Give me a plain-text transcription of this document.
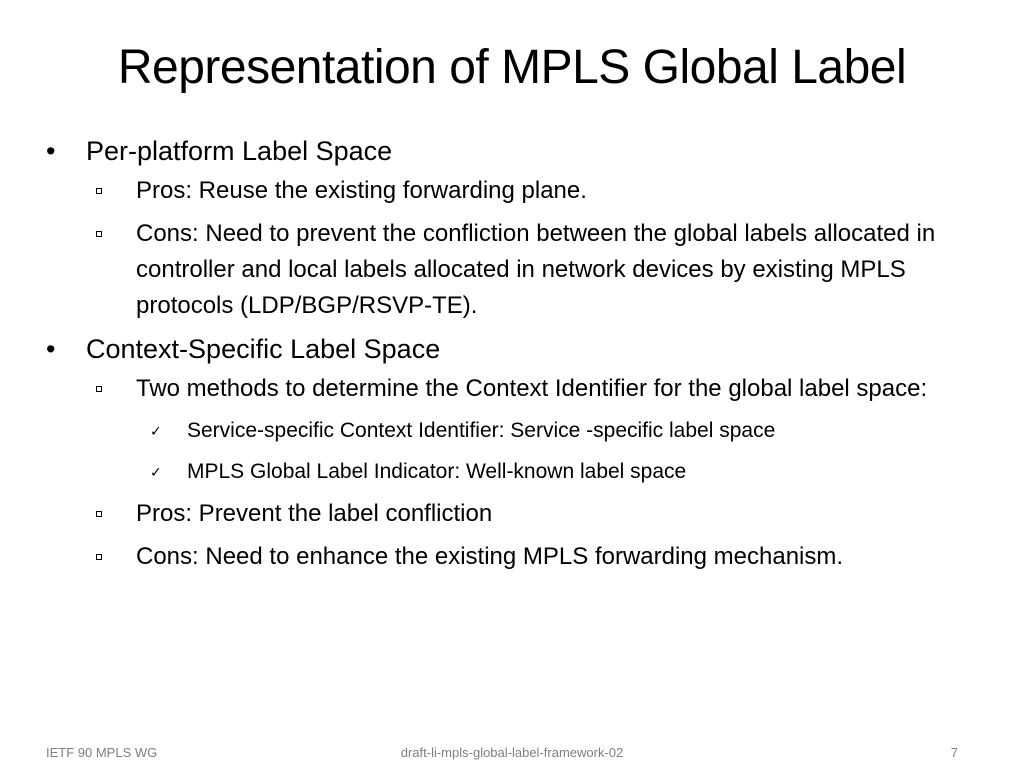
Representation of MPLS Global Label
• Per-platform Label Space
Pros: Reuse the existing forwarding plane.
Cons: Need to prevent the confliction between the global labels allocated in controller and local labels allocated in network devices by existing MPLS protocols (LDP/BGP/RSVP-TE).
• Context-Specific Label Space
Two methods to determine the Context Identifier for the global label space:
✓ Service-specific Context Identifier: Service -specific label space
✓ MPLS Global Label Indicator: Well-known label space
Pros: Prevent the label confliction
Cons: Need to enhance the existing MPLS forwarding mechanism.
IETF 90 MPLS WG	draft-li-mpls-global-label-framework-02	7
